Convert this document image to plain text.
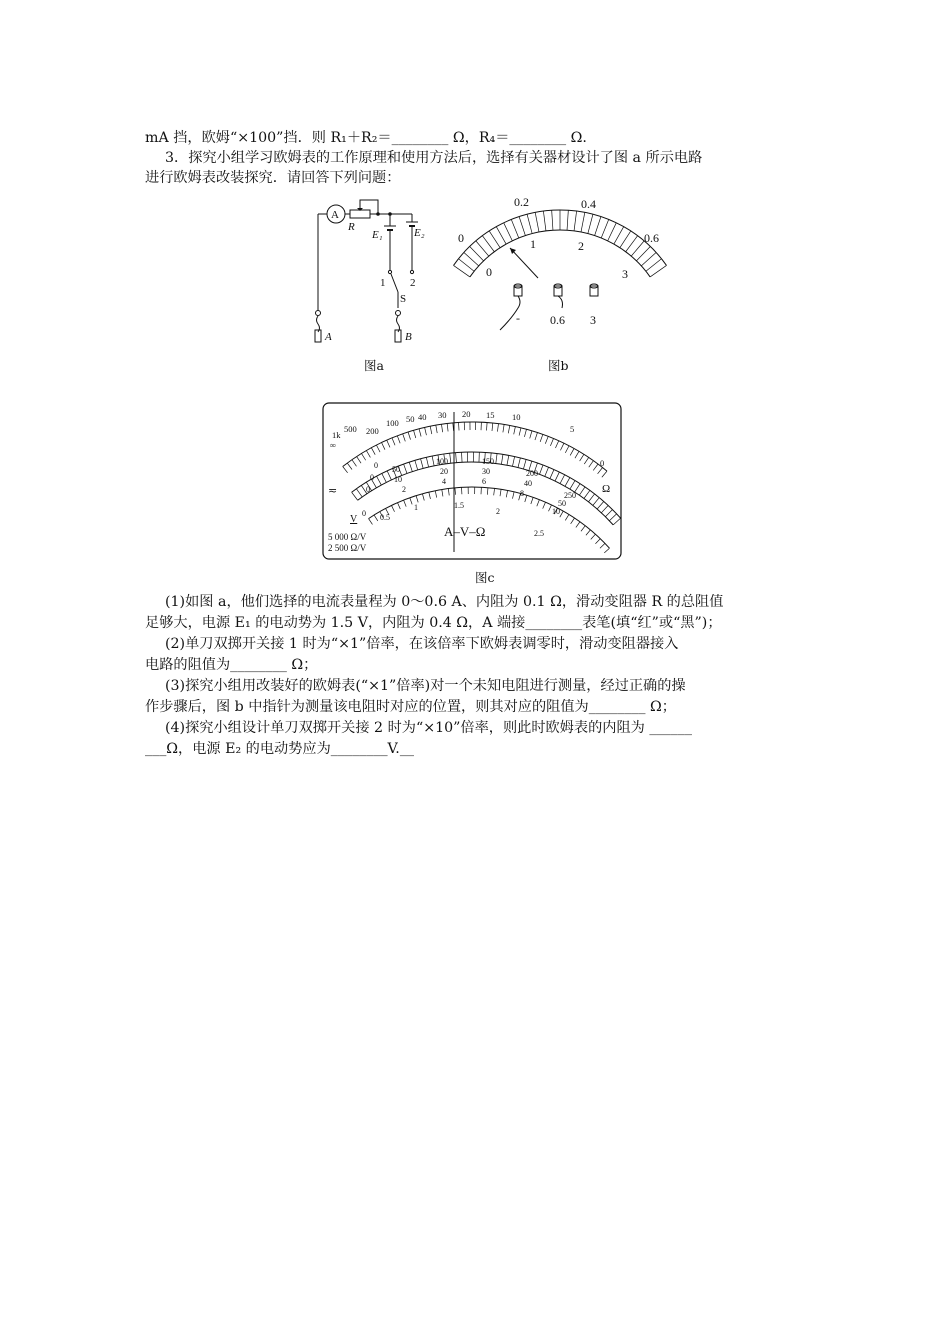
mA 挡，欧姆“×100”挡．则 R₁＋R₂＝________ Ω，R₄＝________ Ω.
3．探究小组学习欧姆表的工作原理和使用方法后，选择有关器材设计了图 a 所示电路
进行欧姆表改装探究．请回答下列问题：
A
R
A
E₁	E₂
1 2
S
B
图a
0
0.2	0.4
0.6
0
1	2
3
-	0.6 3
图b
∞
1k
500 200
100 50 40 30 20 15 10
5
0
Ω
0 50
100	150
200
250
0	10
20	30
40
50
0	2
4	6
8
10
0 0.5
1	1.5
2
2.5
≂
V
A–V–Ω
5 000 Ω/V
2 500 Ω/V
图c
(1)如图 a，他们选择的电流表量程为 0～0.6 A、内阻为 0.1 Ω，滑动变阻器 R 的总阻值
足够大，电源 E₁ 的电动势为 1.5 V，内阻为 0.4 Ω，A 端接________表笔(填“红”或“黑”)；
(2)单刀双掷开关接 1 时为“×1”倍率，在该倍率下欧姆表调零时，滑动变阻器接入
电路的阻值为________ Ω；
(3)探究小组用改装好的欧姆表(“×1”倍率)对一个未知电阻进行测量，经过正确的操
作步骤后，图 b 中指针为测量该电阻时对应的位置，则其对应的阻值为________ Ω；
(4)探究小组设计单刀双掷开关接 2 时为“×10”倍率，则此时欧姆表的内阻为 ______
___Ω，电源 E₂ 的电动势应为________V.__
